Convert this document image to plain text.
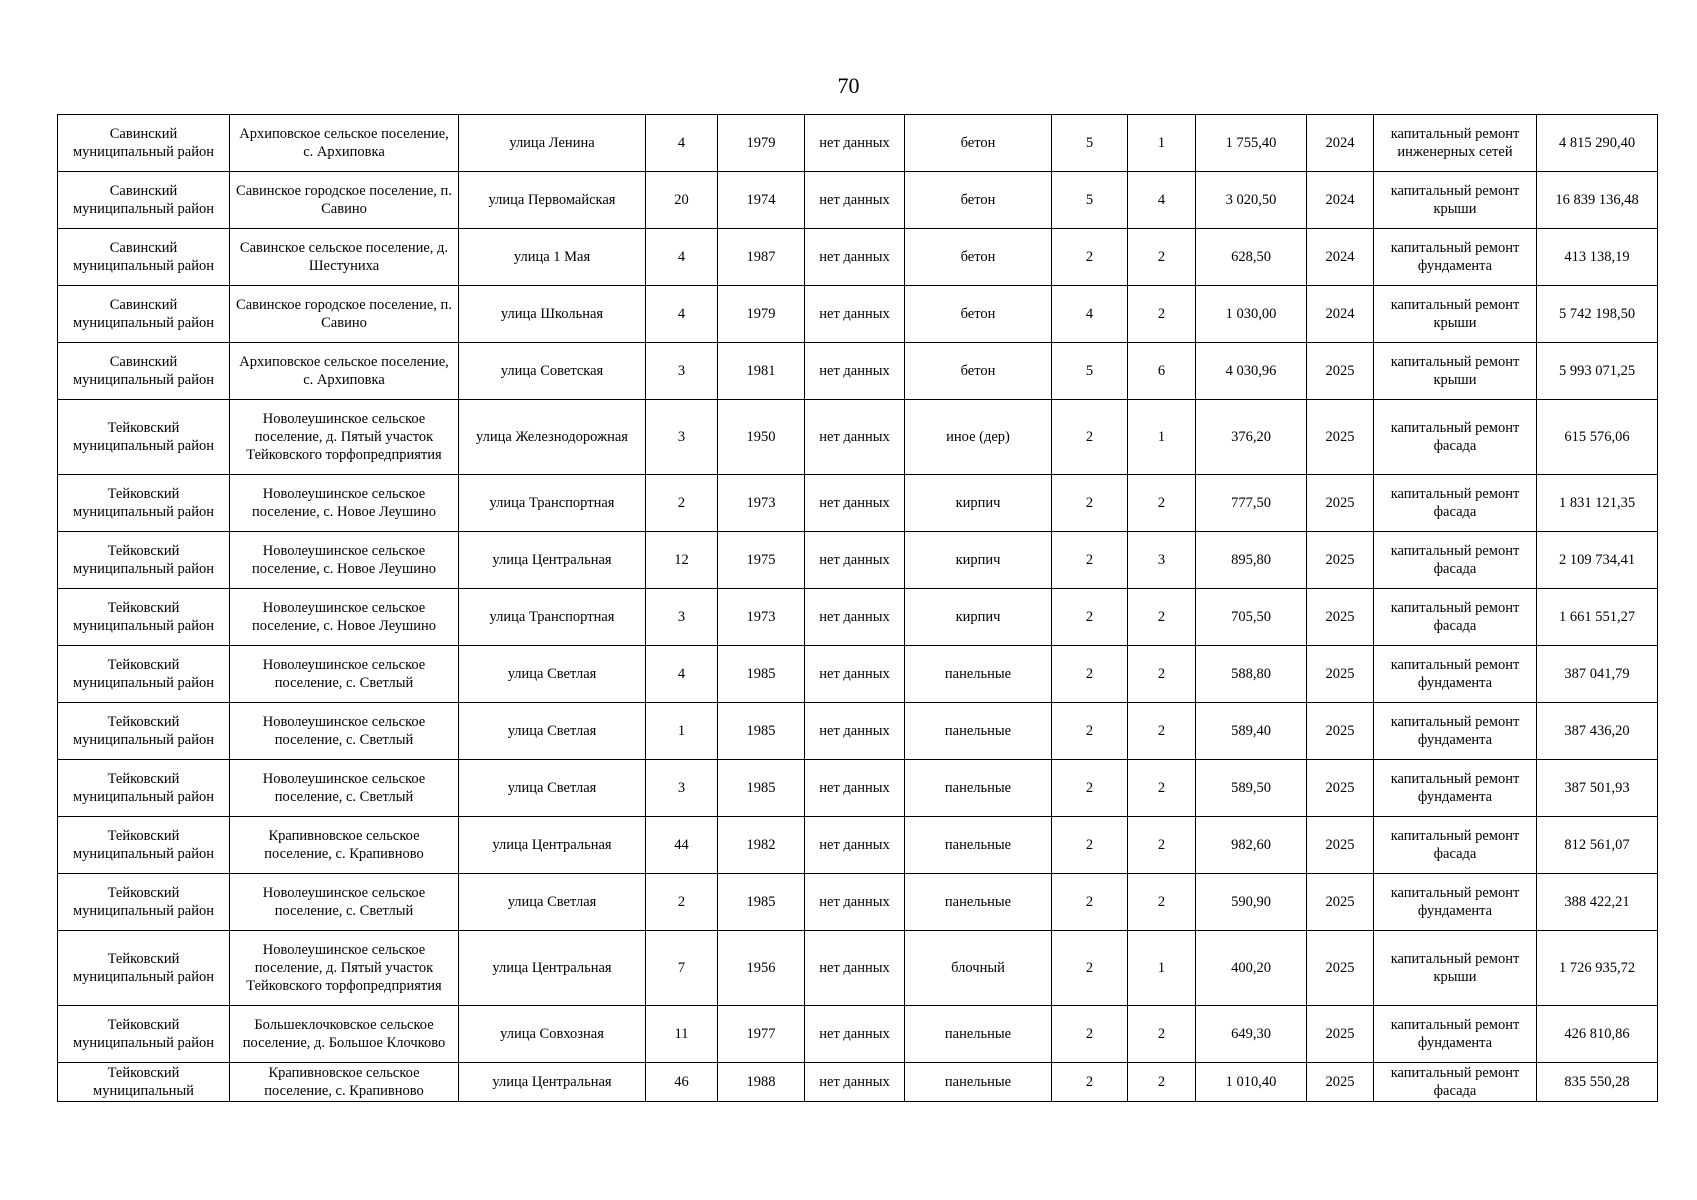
70
Савинский муниципальный район	Архиповское сельское поселение, с. Архиповка	улица Ленина	4	1979	нет данных	бетон	5	1	1 755,40	2024	капитальный ремонт инженерных сетей	4 815 290,40
Савинский муниципальный район	Савинское городское поселение, п. Савино	улица Первомайская	20	1974	нет данных	бетон	5	4	3 020,50	2024	капитальный ремонт крыши	16 839 136,48
Савинский муниципальный район	Савинское сельское поселение, д. Шестуниха	улица 1 Мая	4	1987	нет данных	бетон	2	2	628,50	2024	капитальный ремонт фундамента	413 138,19
Савинский муниципальный район	Савинское городское поселение, п. Савино	улица Школьная	4	1979	нет данных	бетон	4	2	1 030,00	2024	капитальный ремонт крыши	5 742 198,50
Савинский муниципальный район	Архиповское сельское поселение, с. Архиповка	улица Советская	3	1981	нет данных	бетон	5	6	4 030,96	2025	капитальный ремонт крыши	5 993 071,25
Тейковский муниципальный район	Новолеушинское сельское поселение, д. Пятый участок Тейковского торфопредприятия	улица Железнодорожная	3	1950	нет данных	иное (дер)	2	1	376,20	2025	капитальный ремонт фасада	615 576,06
Тейковский муниципальный район	Новолеушинское сельское поселение, с. Новое Леушино	улица Транспортная	2	1973	нет данных	кирпич	2	2	777,50	2025	капитальный ремонт фасада	1 831 121,35
Тейковский муниципальный район	Новолеушинское сельское поселение, с. Новое Леушино	улица Центральная	12	1975	нет данных	кирпич	2	3	895,80	2025	капитальный ремонт фасада	2 109 734,41
Тейковский муниципальный район	Новолеушинское сельское поселение, с. Новое Леушино	улица Транспортная	3	1973	нет данных	кирпич	2	2	705,50	2025	капитальный ремонт фасада	1 661 551,27
Тейковский муниципальный район	Новолеушинское сельское поселение, с. Светлый	улица Светлая	4	1985	нет данных	панельные	2	2	588,80	2025	капитальный ремонт фундамента	387 041,79
Тейковский муниципальный район	Новолеушинское сельское поселение, с. Светлый	улица Светлая	1	1985	нет данных	панельные	2	2	589,40	2025	капитальный ремонт фундамента	387 436,20
Тейковский муниципальный район	Новолеушинское сельское поселение, с. Светлый	улица Светлая	3	1985	нет данных	панельные	2	2	589,50	2025	капитальный ремонт фундамента	387 501,93
Тейковский муниципальный район	Крапивновское сельское поселение, с. Крапивново	улица Центральная	44	1982	нет данных	панельные	2	2	982,60	2025	капитальный ремонт фасада	812 561,07
Тейковский муниципальный район	Новолеушинское сельское поселение, с. Светлый	улица Светлая	2	1985	нет данных	панельные	2	2	590,90	2025	капитальный ремонт фундамента	388 422,21
Тейковский муниципальный район	Новолеушинское сельское поселение, д. Пятый участок Тейковского торфопредприятия	улица Центральная	7	1956	нет данных	блочный	2	1	400,20	2025	капитальный ремонт крыши	1 726 935,72
Тейковский муниципальный район	Большеклочковское сельское поселение, д. Большое Клочково	улица Совхозная	11	1977	нет данных	панельные	2	2	649,30	2025	капитальный ремонт фундамента	426 810,86
Тейковский муниципальный	Крапивновское сельское поселение, с. Крапивново	улица Центральная	46	1988	нет данных	панельные	2	2	1 010,40	2025	капитальный ремонт фасада	835 550,28
